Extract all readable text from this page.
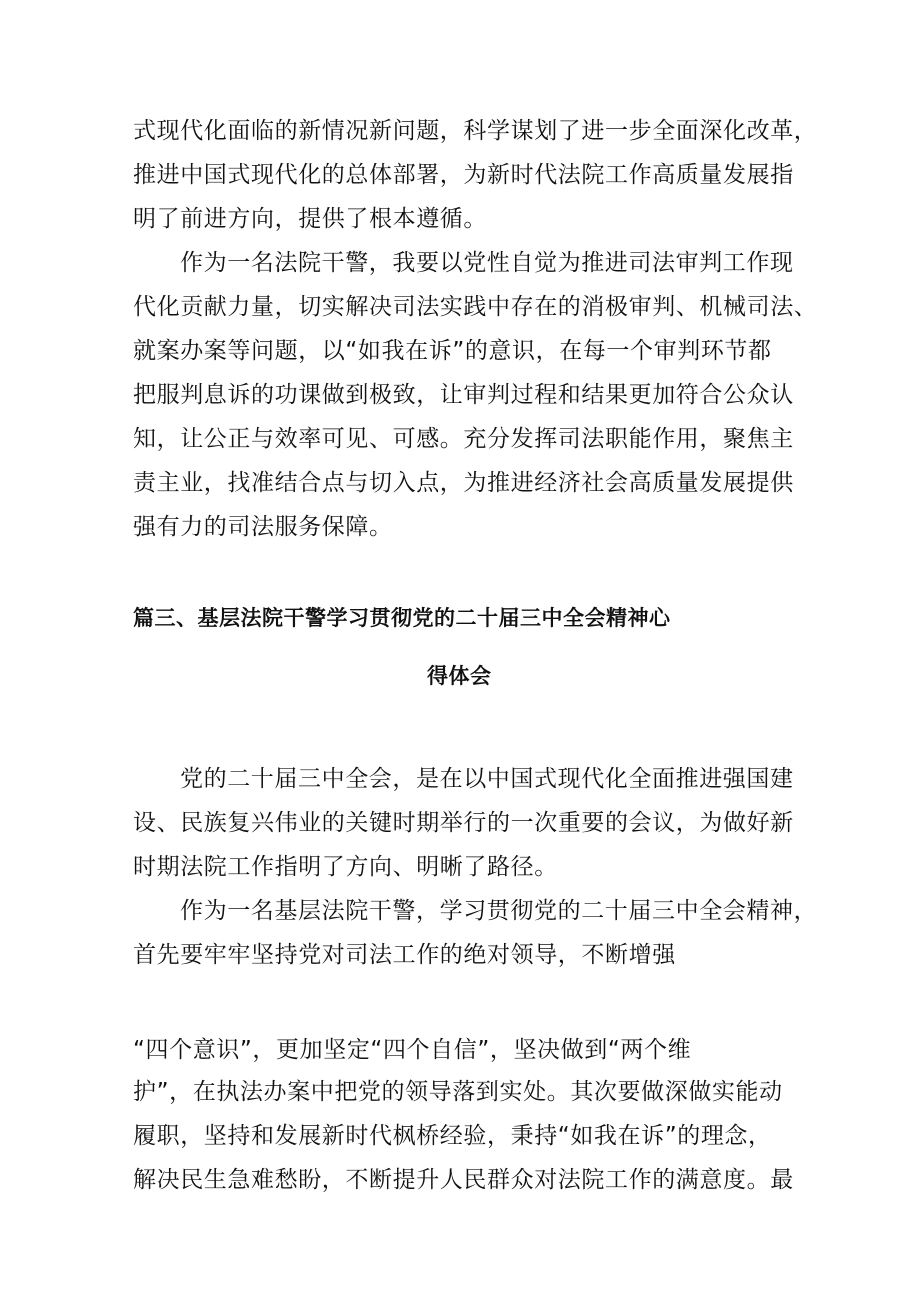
式现代化面临的新情况新问题，科学谋划了进一步全面深化改革，
推进中国式现代化的总体部署，为新时代法院工作高质量发展指
明了前进方向，提供了根本遵循。
作为一名法院干警，我要以党性自觉为推进司法审判工作现
代化贡献力量，切实解决司法实践中存在的消极审判、机械司法、
就案办案等问题，以“如我在诉”的意识，在每一个审判环节都
把服判息诉的功课做到极致，让审判过程和结果更加符合公众认
知，让公正与效率可见、可感。充分发挥司法职能作用，聚焦主
责主业，找准结合点与切入点，为推进经济社会高质量发展提供
强有力的司法服务保障。
篇三、基层法院干警学习贯彻党的二十届三中全会精神心
得体会
党的二十届三中全会，是在以中国式现代化全面推进强国建
设、民族复兴伟业的关键时期举行的一次重要的会议，为做好新
时期法院工作指明了方向、明晰了路径。
作为一名基层法院干警，学习贯彻党的二十届三中全会精神，
首先要牢牢坚持党对司法工作的绝对领导，不断增强
“四个意识”，更加坚定“四个自信”，坚决做到“两个维
护”，在执法办案中把党的领导落到实处。其次要做深做实能动
履职，坚持和发展新时代枫桥经验，秉持“如我在诉”的理念，
解决民生急难愁盼，不断提升人民群众对法院工作的满意度。最
